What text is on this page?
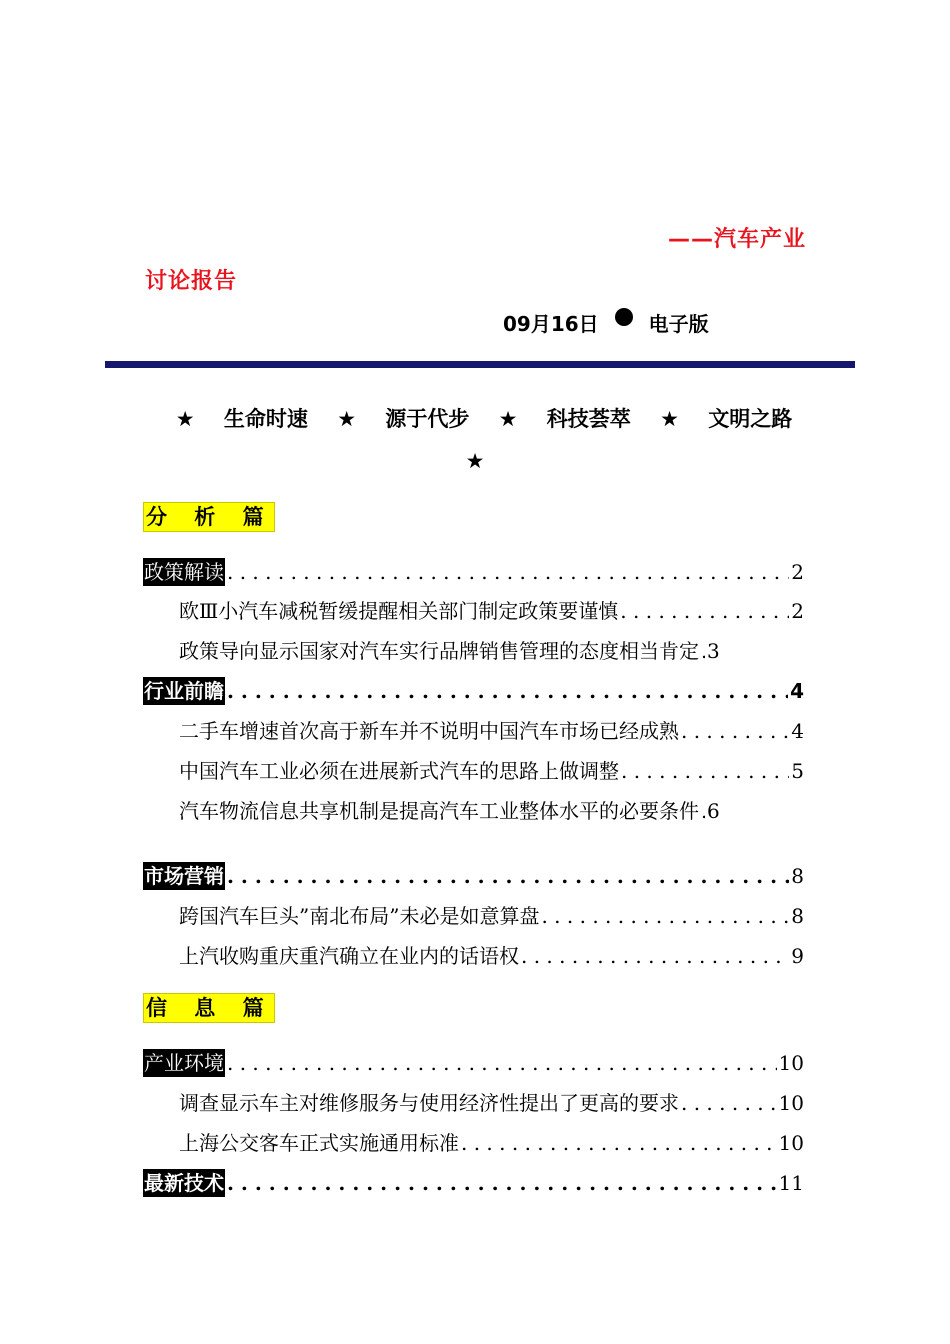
——汽车产业
讨论报告
09月16日	电子版
★ 生命时速 ★ 源于代步 ★ 科技荟萃 ★ 文明之路
★
分 析 篇
政策解读 . . .	2
欧Ⅲ小汽车减税暂缓提醒相关部门制定政策要谨慎 . . .	2
政策导向显示国家对汽车实行品牌销售管理的态度相当肯定 . . . 3
行业前瞻 . . .	4
二手车增速首次高于新车并不说明中国汽车市场已经成熟 . . .	4
中国汽车工业必须在进展新式汽车的思路上做调整 . . .	5
汽车物流信息共享机制是提高汽车工业整体水平的必要条件 . . . 6
市场营销 . . .	8
跨国汽车巨头”南北布局”未必是如意算盘 . . .	8
上汽收购重庆重汽确立在业内的话语权 . . .	9
信 息 篇
产业环境 . . .	10
调查显示车主对维修服务与使用经济性提出了更高的要求 . . .	10
上海公交客车正式实施通用标准 . . .	10
最新技术 . . .	11
